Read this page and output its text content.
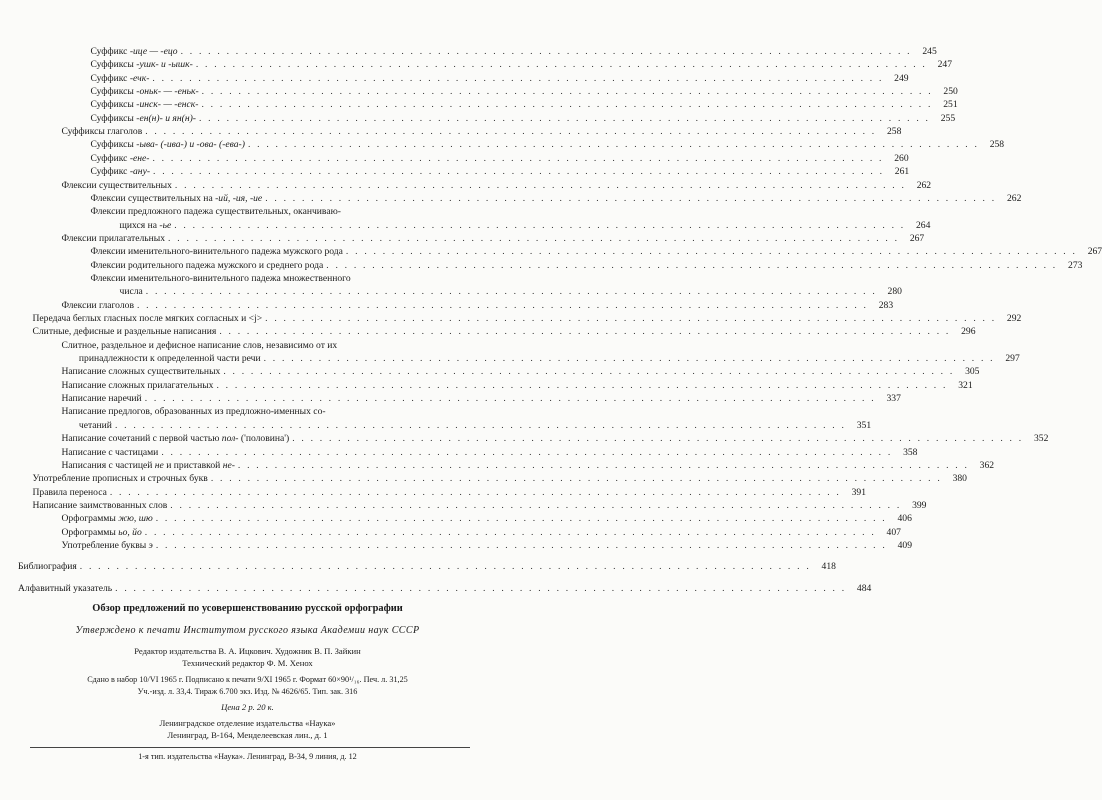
Суффикс -ице — -ецо . . . . . . . . . . . . . . . . . . . . . . . . . . . . . . . . . . . . . . . . . . . . . . . . . . . . . . . . . . . . . . . . . . . . . . . . . . . . . . . .	245
Суффиксы -ушк- и -ышк- . . . . . . . . . . . . . . . . . . . . . . . . . . . . . . . . . . . . . . . . . . . . . . . . . . . . . . . . . . . . . . . . . . . . . . . . . . . . . . . .	247
Суффикс -ечк- . . . . . . . . . . . . . . . . . . . . . . . . . . . . . . . . . . . . . . . . . . . . . . . . . . . . . . . . . . . . . . . . . . . . . . . . . . . . . . . .	249
Суффиксы -оньк- — -еньк- . . . . . . . . . . . . . . . . . . . . . . . . . . . . . . . . . . . . . . . . . . . . . . . . . . . . . . . . . . . . . . . . . . . . . . . . . . . . . . . .	250
Суффиксы -инск- — -енск- . . . . . . . . . . . . . . . . . . . . . . . . . . . . . . . . . . . . . . . . . . . . . . . . . . . . . . . . . . . . . . . . . . . . . . . . . . . . . . . .	251
Суффиксы -ен(н)- и ян(н)- . . . . . . . . . . . . . . . . . . . . . . . . . . . . . . . . . . . . . . . . . . . . . . . . . . . . . . . . . . . . . . . . . . . . . . . . . . . . . . . .	255
Суффиксы глаголов . . . . . . . . . . . . . . . . . . . . . . . . . . . . . . . . . . . . . . . . . . . . . . . . . . . . . . . . . . . . . . . . . . . . . . . . . . . . . . . .	258
Суффиксы -ыва- (-ива-) и -ова- (-ева-) . . . . . . . . . . . . . . . . . . . . . . . . . . . . . . . . . . . . . . . . . . . . . . . . . . . . . . . . . . . . . . . . . . . . . . . . . . . . . . . .	258
Суффикс -ене- . . . . . . . . . . . . . . . . . . . . . . . . . . . . . . . . . . . . . . . . . . . . . . . . . . . . . . . . . . . . . . . . . . . . . . . . . . . . . . . .	260
Суффикс -ану- . . . . . . . . . . . . . . . . . . . . . . . . . . . . . . . . . . . . . . . . . . . . . . . . . . . . . . . . . . . . . . . . . . . . . . . . . . . . . . . .	261
Флексии существительных . . . . . . . . . . . . . . . . . . . . . . . . . . . . . . . . . . . . . . . . . . . . . . . . . . . . . . . . . . . . . . . . . . . . . . . . . . . . . . . .	262
Флексии существительных на -ий, -ия, -ие . . . . . . . . . . . . . . . . . . . . . . . . . . . . . . . . . . . . . . . . . . . . . . . . . . . . . . . . . . . . . . . . . . . . . . . . . . . . . . . .	262
Флексии предложного падежа существительных, оканчиваю-
щихся на -ье . . . . . . . . . . . . . . . . . . . . . . . . . . . . . . . . . . . . . . . . . . . . . . . . . . . . . . . . . . . . . . . . . . . . . . . . . . . . . . . .	264
Флексии прилагательных . . . . . . . . . . . . . . . . . . . . . . . . . . . . . . . . . . . . . . . . . . . . . . . . . . . . . . . . . . . . . . . . . . . . . . . . . . . . . . . .	267
Флексии именительного-винительного падежа мужского рода . . . . . . . . . . . . . . . . . . . . . . . . . . . . . . . . . . . . . . . . . . . . . . . . . . . . . . . . . . . . . . . . . . . . . . . . . . . . . . . .	267
Флексии родительного падежа мужского и среднего рода . . . . . . . . . . . . . . . . . . . . . . . . . . . . . . . . . . . . . . . . . . . . . . . . . . . . . . . . . . . . . . . . . . . . . . . . . . . . . . . .	273
Флексии именительного-винительного падежа множественного
числа . . . . . . . . . . . . . . . . . . . . . . . . . . . . . . . . . . . . . . . . . . . . . . . . . . . . . . . . . . . . . . . . . . . . . . . . . . . . . . . .	280
Флексии глаголов . . . . . . . . . . . . . . . . . . . . . . . . . . . . . . . . . . . . . . . . . . . . . . . . . . . . . . . . . . . . . . . . . . . . . . . . . . . . . . . .	283
Передача беглых гласных после мягких согласных и <j> . . . . . . . . . . . . . . . . . . . . . . . . . . . . . . . . . . . . . . . . . . . . . . . . . . . . . . . . . . . . . . . . . . . . . . . . . . . . . . . .	292
Слитные, дефисные и раздельные написания . . . . . . . . . . . . . . . . . . . . . . . . . . . . . . . . . . . . . . . . . . . . . . . . . . . . . . . . . . . . . . . . . . . . . . . . . . . . . . . .	296
Слитное, раздельное и дефисное написание слов, независимо от их
принадлежности к определенной части речи . . . . . . . . . . . . . . . . . . . . . . . . . . . . . . . . . . . . . . . . . . . . . . . . . . . . . . . . . . . . . . . . . . . . . . . . . . . . . . . .	297
Написание сложных существительных . . . . . . . . . . . . . . . . . . . . . . . . . . . . . . . . . . . . . . . . . . . . . . . . . . . . . . . . . . . . . . . . . . . . . . . . . . . . . . . .	305
Написание сложных прилагательных . . . . . . . . . . . . . . . . . . . . . . . . . . . . . . . . . . . . . . . . . . . . . . . . . . . . . . . . . . . . . . . . . . . . . . . . . . . . . . . .	321
Написание наречий . . . . . . . . . . . . . . . . . . . . . . . . . . . . . . . . . . . . . . . . . . . . . . . . . . . . . . . . . . . . . . . . . . . . . . . . . . . . . . . .	337
Написание предлогов, образованных из предложно-именных со-
четаний . . . . . . . . . . . . . . . . . . . . . . . . . . . . . . . . . . . . . . . . . . . . . . . . . . . . . . . . . . . . . . . . . . . . . . . . . . . . . . . .	351
Написание сочетаний с первой частью пол- ('половина') . . . . . . . . . . . . . . . . . . . . . . . . . . . . . . . . . . . . . . . . . . . . . . . . . . . . . . . . . . . . . . . . . . . . . . . . . . . . . . . .	352
Написание с частицами . . . . . . . . . . . . . . . . . . . . . . . . . . . . . . . . . . . . . . . . . . . . . . . . . . . . . . . . . . . . . . . . . . . . . . . . . . . . . . . .	358
Написания с частицей не и приставкой не- . . . . . . . . . . . . . . . . . . . . . . . . . . . . . . . . . . . . . . . . . . . . . . . . . . . . . . . . . . . . . . . . . . . . . . . . . . . . . . . .	362
Употребление прописных и строчных букв . . . . . . . . . . . . . . . . . . . . . . . . . . . . . . . . . . . . . . . . . . . . . . . . . . . . . . . . . . . . . . . . . . . . . . . . . . . . . . . .	380
Правила переноса . . . . . . . . . . . . . . . . . . . . . . . . . . . . . . . . . . . . . . . . . . . . . . . . . . . . . . . . . . . . . . . . . . . . . . . . . . . . . . . .	391
Написание заимствованных слов . . . . . . . . . . . . . . . . . . . . . . . . . . . . . . . . . . . . . . . . . . . . . . . . . . . . . . . . . . . . . . . . . . . . . . . . . . . . . . . .	399
Орфограммы жю, шю . . . . . . . . . . . . . . . . . . . . . . . . . . . . . . . . . . . . . . . . . . . . . . . . . . . . . . . . . . . . . . . . . . . . . . . . . . . . . . . .	406
Орфограммы ьо, йо . . . . . . . . . . . . . . . . . . . . . . . . . . . . . . . . . . . . . . . . . . . . . . . . . . . . . . . . . . . . . . . . . . . . . . . . . . . . . . . .	407
Употребление буквы э . . . . . . . . . . . . . . . . . . . . . . . . . . . . . . . . . . . . . . . . . . . . . . . . . . . . . . . . . . . . . . . . . . . . . . . . . . . . . . . .	409
Библиография . . . . . . . . . . . . . . . . . . . . . . . . . . . . . . . . . . . . . . . . . . . . . . . . . . . . . . . . . . . . . . . . . . . . . . . . . . . . . . . .	418
Алфавитный указатель . . . . . . . . . . . . . . . . . . . . . . . . . . . . . . . . . . . . . . . . . . . . . . . . . . . . . . . . . . . . . . . . . . . . . . . . . . . . . . . .	484
Обзор предложений по усовершенствованию русской орфографии
Утверждено к печати Институтом русского языка Академии наук СССР
Редактор издательства В. А. Ицкович. Художник В. П. Зайкин
Технический редактор Ф. М. Хенох
Сдано в набор 10/VI 1965 г. Подписано к печати 9/XI 1965 г. Формат 60×90¹/₁₆. Печ. л. 31,25
Уч.-изд. л. 33,4. Тираж 6.700 экз. Изд. № 4626/65. Тип. зак. 316
Цена 2 р. 20 к.
Ленинградское отделение издательства «Наука»
Ленинград, В-164, Менделеевская лин., д. 1
1-я тип. издательства «Наука». Ленинград, В-34, 9 линия, д. 12
